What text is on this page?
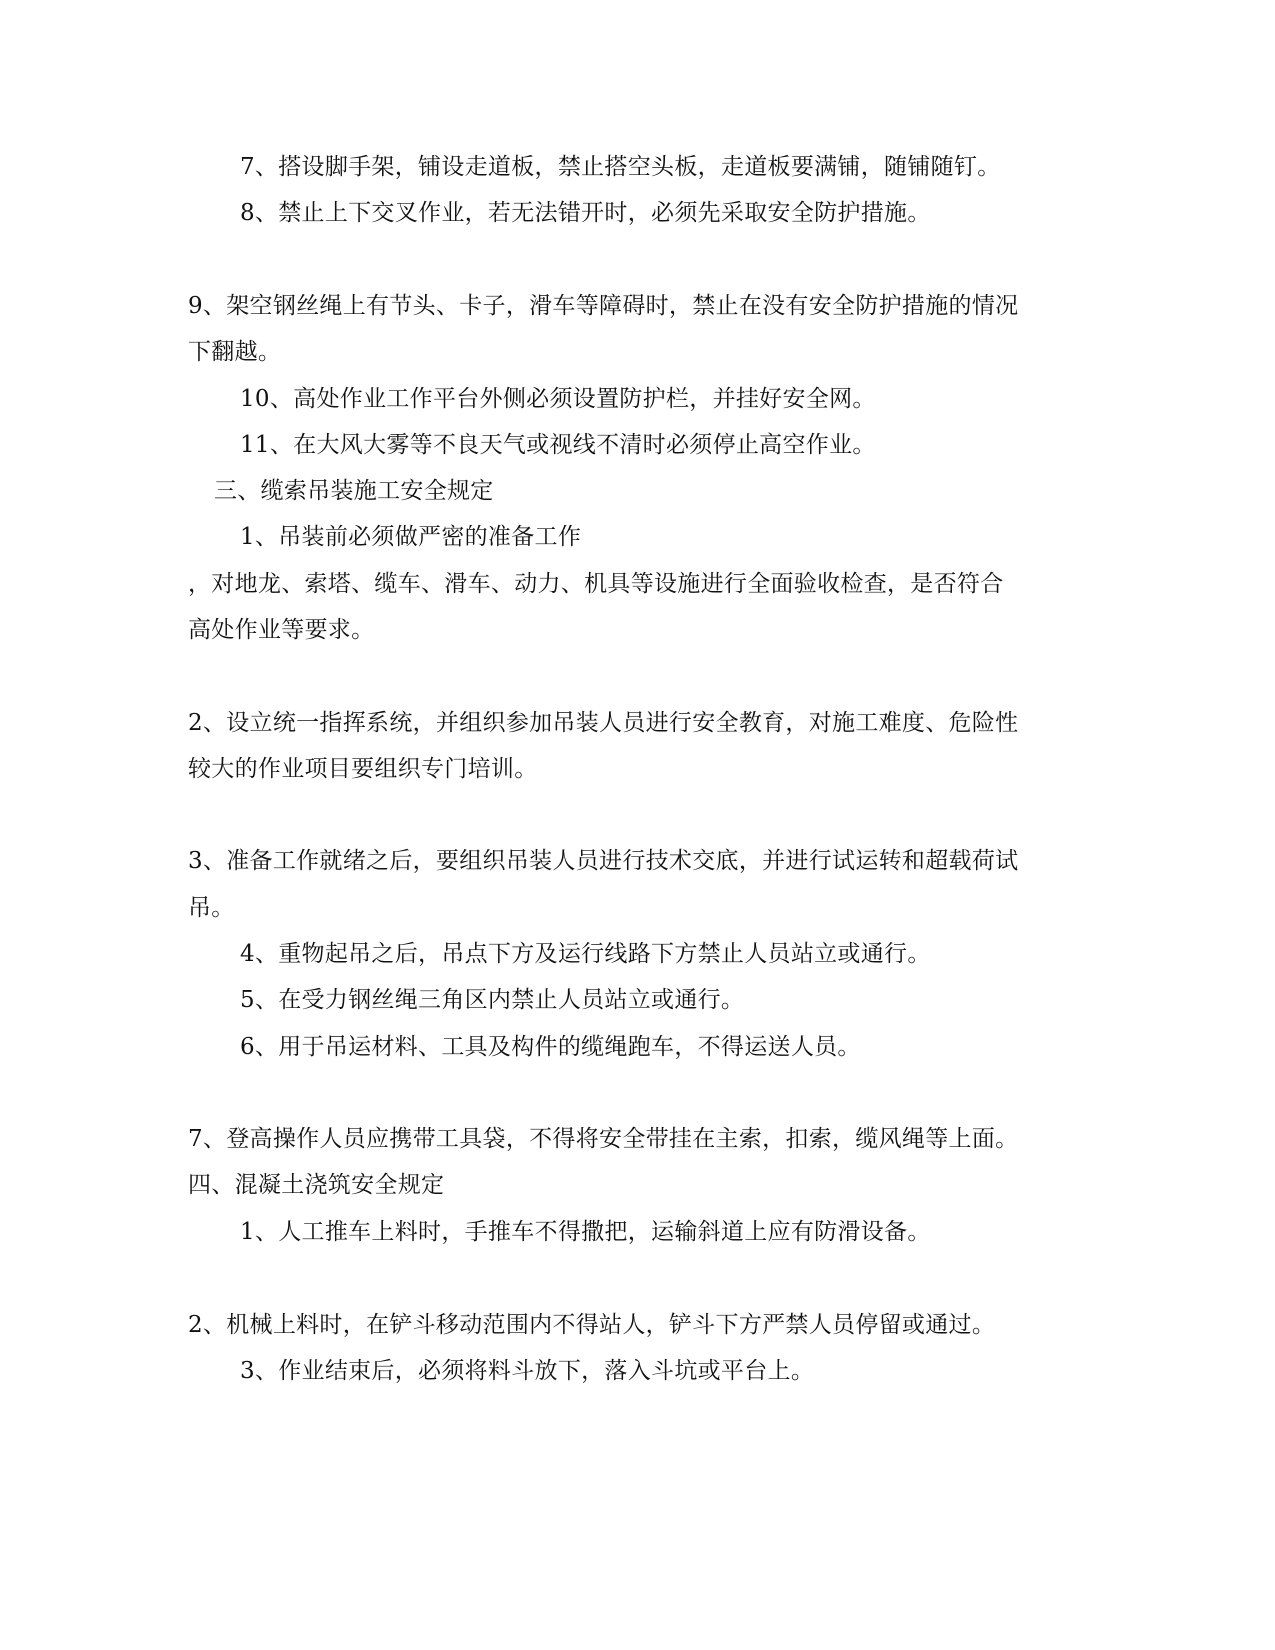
7、搭设脚手架，铺设走道板，禁止搭空头板，走道板要满铺，随铺随钉。
8、禁止上下交叉作业，若无法错开时，必须先采取安全防护措施。
9、架空钢丝绳上有节头、卡子，滑车等障碍时，禁止在没有安全防护措施的情况
下翻越。
10、高处作业工作平台外侧必须设置防护栏，并挂好安全网。
11、在大风大雾等不良天气或视线不清时必须停止高空作业。
三、缆索吊装施工安全规定
1、吊装前必须做严密的准备工作
，对地龙、索塔、缆车、滑车、动力、机具等设施进行全面验收检查，是否符合
高处作业等要求。
2、设立统一指挥系统，并组织参加吊装人员进行安全教育，对施工难度、危险性
较大的作业项目要组织专门培训。
3、准备工作就绪之后，要组织吊装人员进行技术交底，并进行试运转和超载荷试
吊。
4、重物起吊之后，吊点下方及运行线路下方禁止人员站立或通行。
5、在受力钢丝绳三角区内禁止人员站立或通行。
6、用于吊运材料、工具及构件的缆绳跑车，不得运送人员。
7、登高操作人员应携带工具袋，不得将安全带挂在主索，扣索，缆风绳等上面。
四、混凝土浇筑安全规定
1、人工推车上料时，手推车不得撒把，运输斜道上应有防滑设备。
2、机械上料时，在铲斗移动范围内不得站人，铲斗下方严禁人员停留或通过。
3、作业结束后，必须将料斗放下，落入斗坑或平台上。
